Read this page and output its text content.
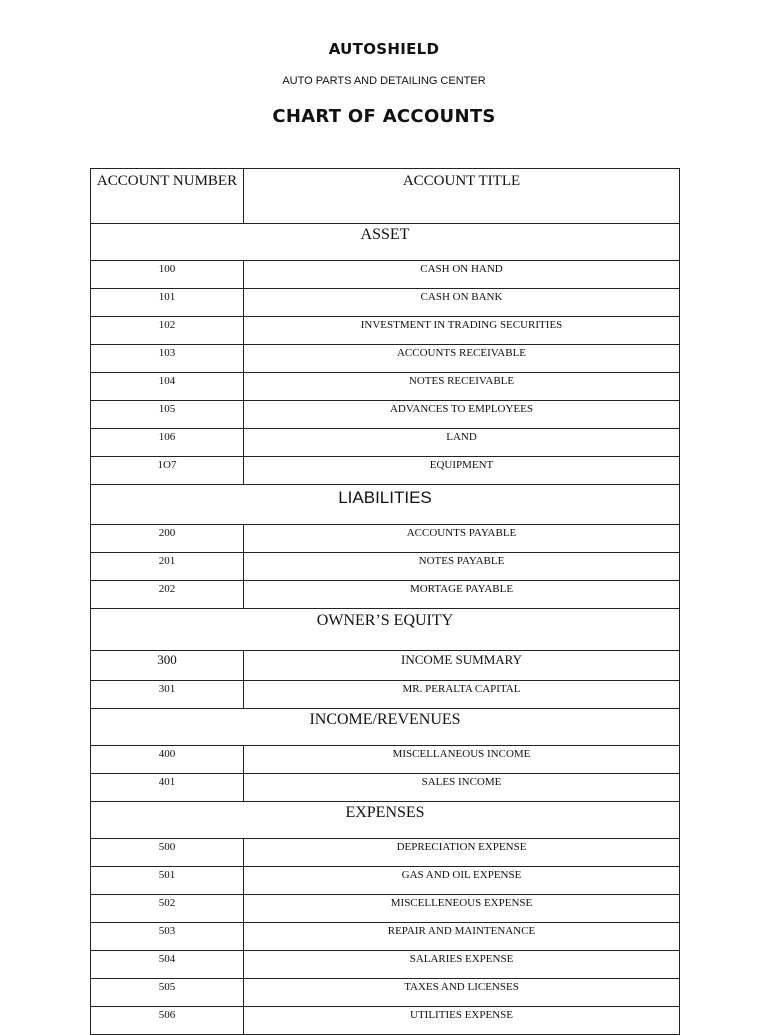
AUTOSHIELD
AUTO PARTS AND DETAILING CENTER
CHART OF ACCOUNTS
ACCOUNT NUMBER	ACCOUNT TITLE
ASSET	
100	CASH ON HAND
101	CASH ON BANK
102	INVESTMENT IN TRADING SECURITIES
103	ACCOUNTS RECEIVABLE
104	NOTES RECEIVABLE
105	ADVANCES TO EMPLOYEES
106	LAND
1O7	EQUIPMENT
LIABILITIES	
200	ACCOUNTS PAYABLE
201	NOTES PAYABLE
202	MORTAGE PAYABLE
OWNER’S EQUITY	
300	INCOME SUMMARY
301	MR. PERALTA CAPITAL
INCOME/REVENUES	
400	MISCELLANEOUS INCOME
401	SALES INCOME
EXPENSES	
500	DEPRECIATION EXPENSE
501	GAS AND OIL EXPENSE
502	MISCELLENEOUS EXPENSE
503	REPAIR AND MAINTENANCE
504	SALARIES EXPENSE
505	TAXES AND LICENSES
506	UTILITIES EXPENSE
